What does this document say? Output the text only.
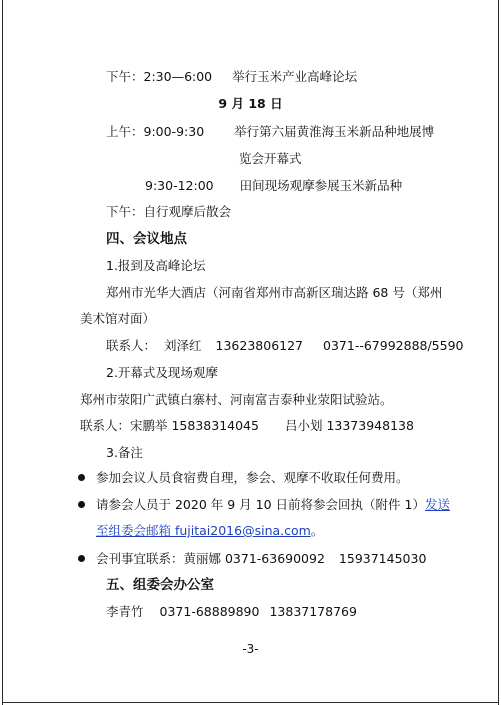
下午：2:30—6:00 举行玉米产业高峰论坛
9 月 18 日
上午：9:00-9:30 举行第六届黄淮海玉米新品种地展博
览会开幕式
9:30-12:00 田间现场观摩参展玉米新品种
下午：自行观摩后散会
四、会议地点
1.报到及高峰论坛
郑州市光华大酒店（河南省郑州市高新区瑞达路 68 号（郑州
美术馆对面）
联系人： 刘泽红 13623806127 0371--67992888/5590
2.开幕式及现场观摩
郑州市荥阳广武镇白寨村、河南富吉泰种业荥阳试验站。
联系人：宋鹏举 15838314045 吕小划 13373948138
3.备注
参加会议人员食宿费自理，参会、观摩不收取任何费用。
请参会人员于 2020 年 9 月 10 日前将参会回执（附件 1）发送
至组委会邮箱 fujitai2016@sina.com。
会刊事宜联系：黄丽娜 0371-63690092 15937145030
五、组委会办公室
李青竹 0371-68889890 13837178769
-3-
